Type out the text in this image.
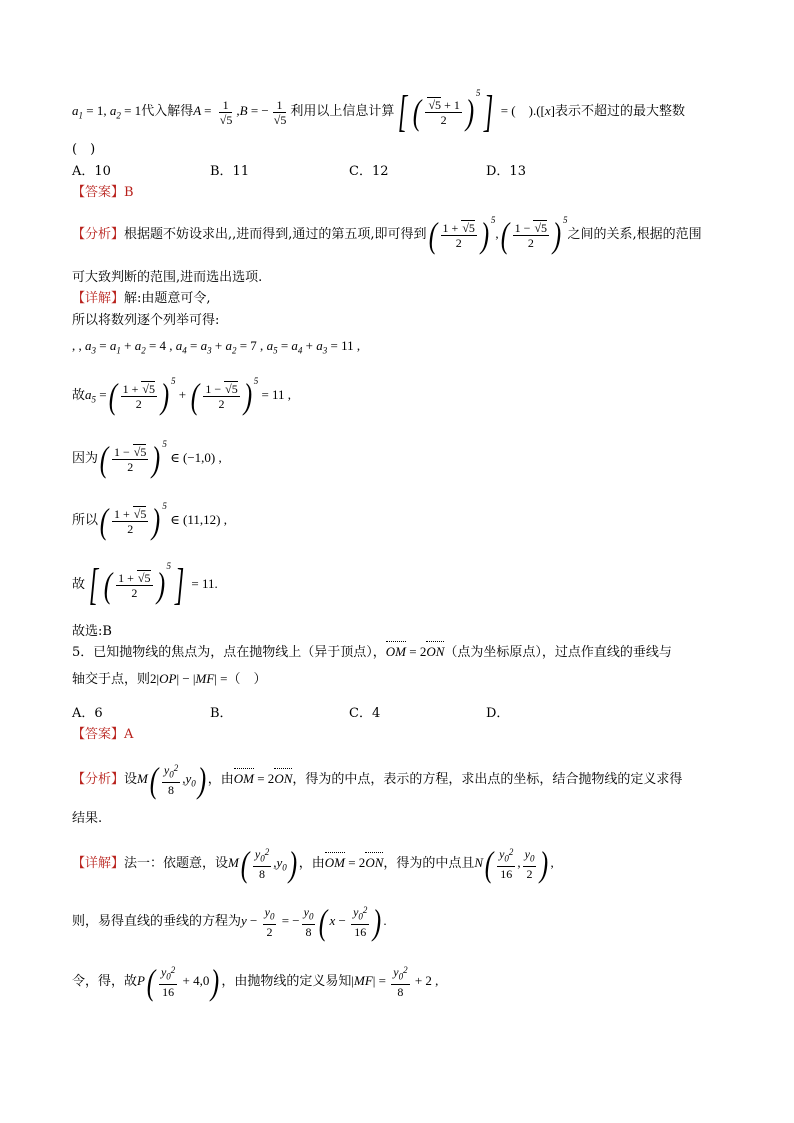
$a_1 = 1$, $a_2 = 1$代入解得$A = \frac{1}{√5} ,B$ = − $\frac{1}{√5}$ 利用以上信息计算[ ( $\frac{√5 + 1}{2}$ ) $^5$] = (　).([x]表示不超过的最大整数
(　)
A．10	B．11	C．12	D．13
【答案】B
【分析】根据题不妨设求出,,进而得到,通过的第五项,即可得到( $\frac{1 + √5}{2}$ ) $^5,( \frac{1 - √5}{2}$ ) $^5$之间的关系,根据的范围
可大致判断的范围,进而选出选项.
【详解】解:由题意可令,
所以将数列逐个列举可得:
, , $a_3 = a_1 + a_2 = 4$ , $a_4 = a_3 + a_2 = 7$ , $a_5 = a_4 + a_3 = 11$ ,
故$a_5$ =( $\frac{1 + √5}{2}$ ) $^5$ + ( $\frac{1 - √5}{2}$ ) $^5$ = 11 ,
因为( $\frac{1 - √5}{2}$ ) $^5$ ∈ (−1,0) ,
所以( $\frac{1 + √5}{2}$ ) $^5$ ∈ (11,12) ,
故[ ( $\frac{1 + √5}{2}$ ) $^5$] = 11.
故选:B
5．已知抛物线的焦点为，点在抛物线上（异于顶点），OM = 2ON（点为坐标原点），过点作直线的垂线与
轴交于点，则2|OP| − |MF| =（　）
A．6	B．	C．4	D．
【答案】A
【分析】设$M( \frac{y_0^2}{8} ,y_0)$ ，由OM = 2ON，得为的中点，表示的方程，求出点的坐标，结合抛物线的定义求得
结果.
【详解】法一：依题意，设$M( \frac{y_0^2}{8} ,y_0)$ ，由OM = 2ON，得为的中点且$N( \frac{y_0^2}{16}$ , $\frac{y_0}{2}$ ) ,
则，易得直线的垂线的方程为$y - \frac{y_0}{2}$ = − $\frac{y_0}{8}$ ( $x - \frac{y_0^2}{16}$ ) .
令，得，故$P( \frac{y_0^2}{16} + 4,0)$ ，由抛物线的定义易知$|MF| = \frac{y_0^2}{8} + 2$ ,
